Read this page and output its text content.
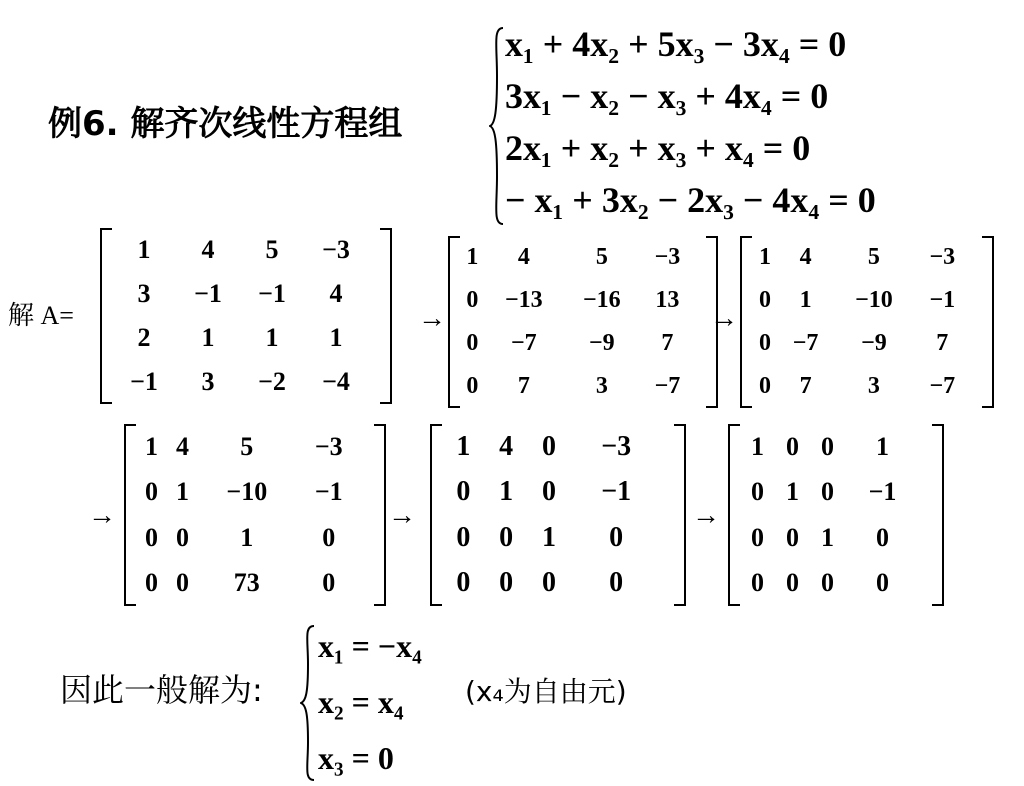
例6. 解齐次线性方程组
x₁ + 4x₂ + 5x₃ − 3x₄ = 0
3x₁ − x₂ − x₃ + 4x₄ = 0
2x₁ + x₂ + x₃ + x₄ = 0
− x₁ + 3x₂ − 2x₃ − 4x₄ = 0
解 A=
1	4	5	−3
3	−1	−1	4
2	1	1	1
−1	3	−2	−4
→
1	4	5	−3
0	−13	−16	13
0	−7	−9	7
0	7	3	−7
→
1	4	5	−3
0	1	−10	−1
0	−7	−9	7
0	7	3	−7
→
1	4	5	−3
0	1	−10	−1
0	0	1	0
0	0	73	0
→
1	4	0	−3
0	1	0	−1
0	0	1	0
0	0	0	0
→
1	0	0	1
0	1	0	−1
0	0	1	0
0	0	0	0
因此一般解为:
x₁ = −x₄
x₂ = x₄
x₃ = 0
(x₄为自由元)
